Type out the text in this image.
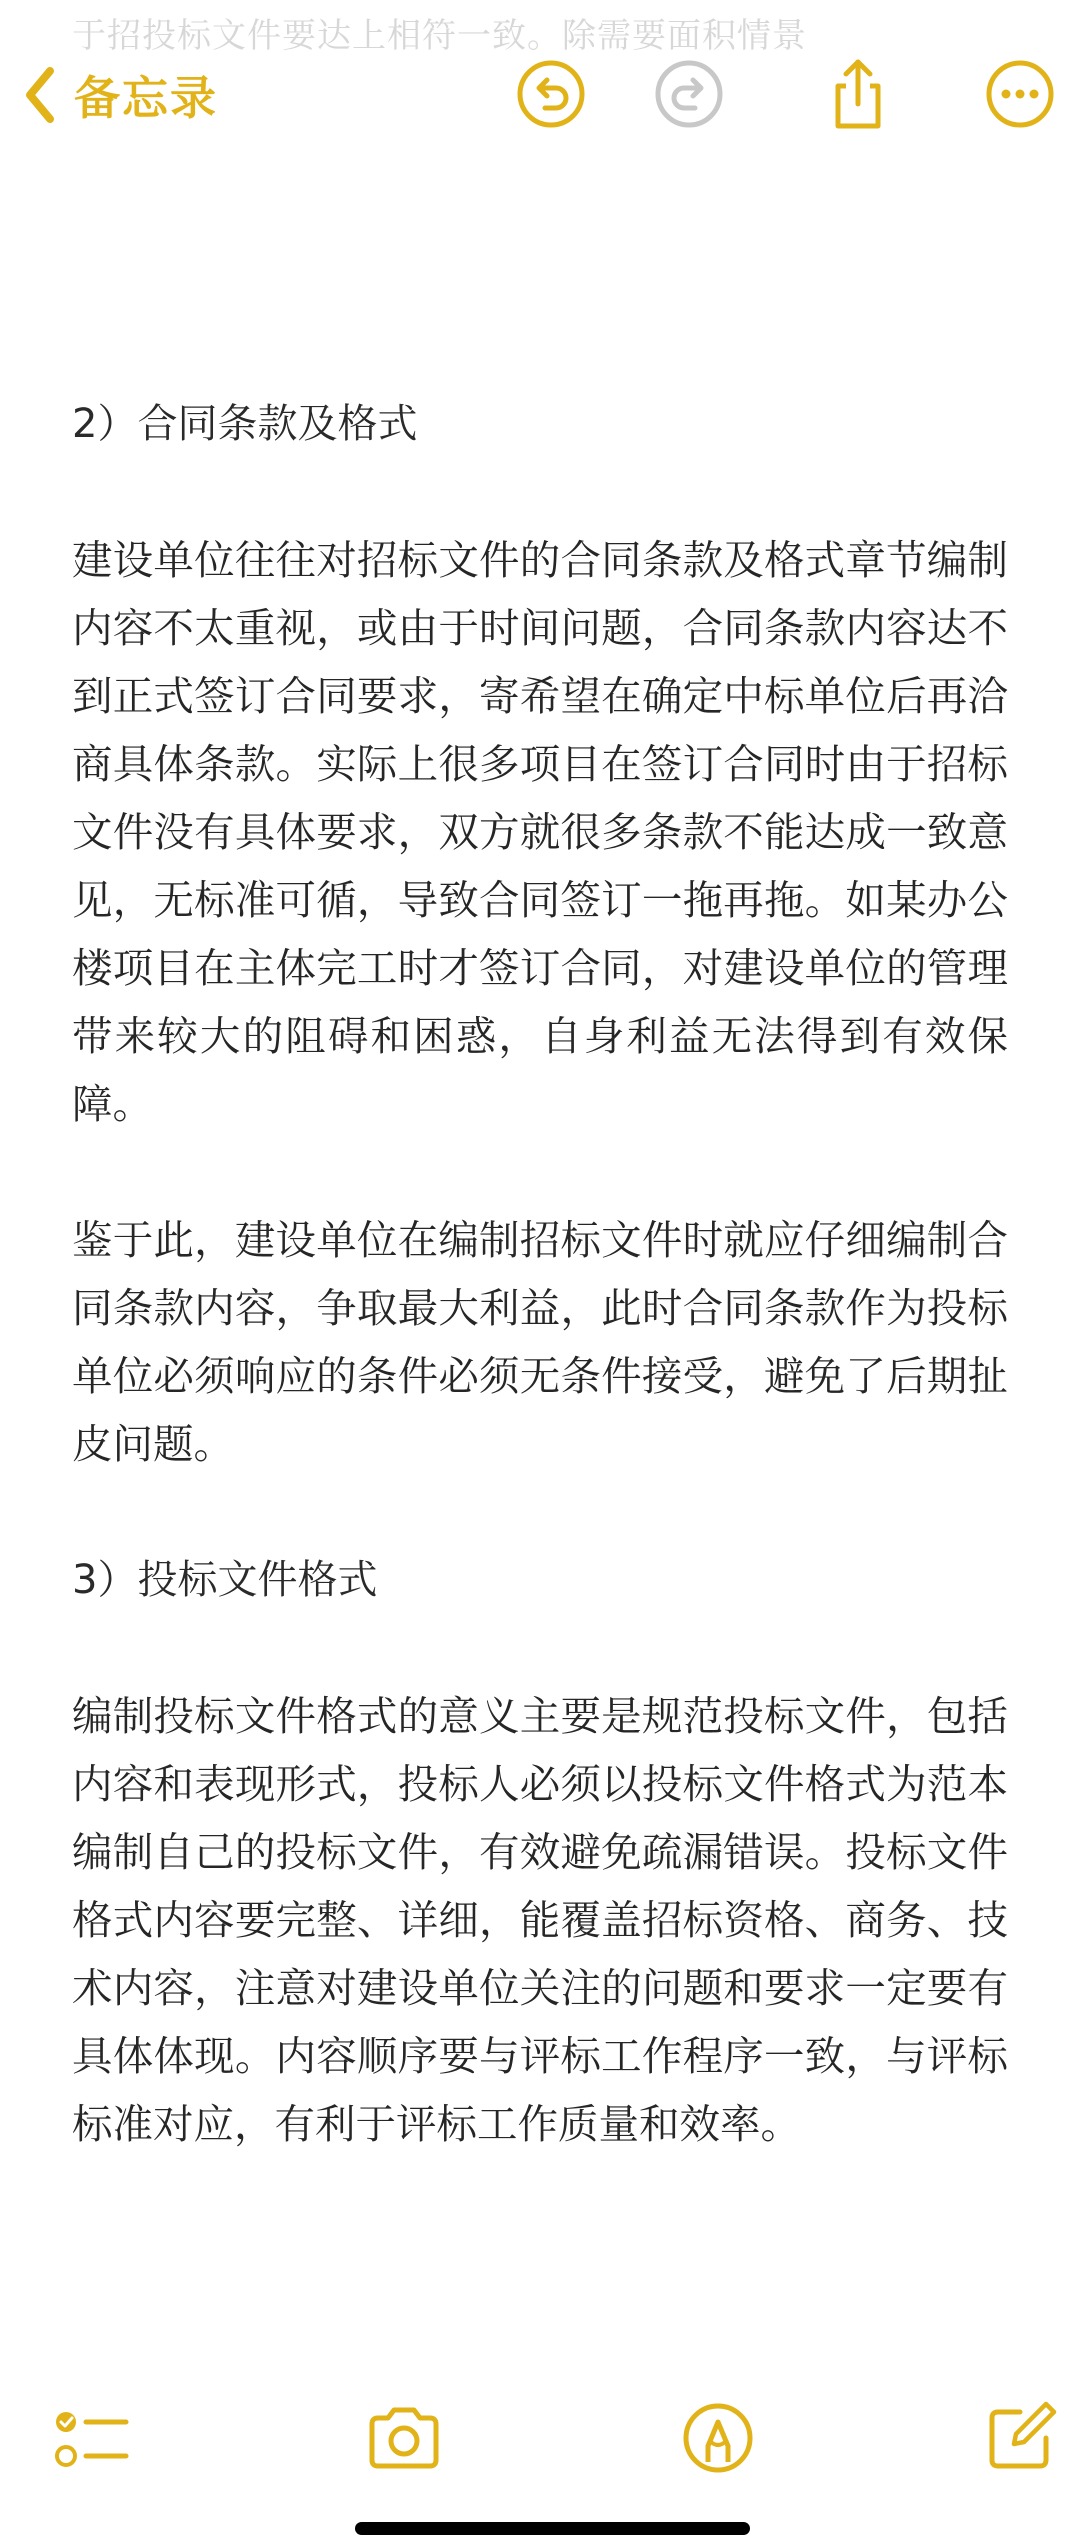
于招投标文件要达上相符一致。除需要面积情景
备忘录

2）合同条款及格式

建设单位往往对招标文件的合同条款及格式章节编制内容不太重视，或由于时间问题，合同条款内容达不到正式签订合同要求，寄希望在确定中标单位后再洽商具体条款。实际上很多项目在签订合同时由于招标文件没有具体要求，双方就很多条款不能达成一致意见，无标准可循，导致合同签订一拖再拖。如某办公楼项目在主体完工时才签订合同，对建设单位的管理带来较大的阻碍和困惑，自身利益无法得到有效保障。

鉴于此，建设单位在编制招标文件时就应仔细编制合同条款内容，争取最大利益，此时合同条款作为投标单位必须响应的条件必须无条件接受，避免了后期扯皮问题。

3）投标文件格式

编制投标文件格式的意义主要是规范投标文件，包括内容和表现形式，投标人必须以投标文件格式为范本编制自己的投标文件，有效避免疏漏错误。投标文件格式内容要完整、详细，能覆盖招标资格、商务、技术内容，注意对建设单位关注的问题和要求一定要有具体体现。内容顺序要与评标工作程序一致，与评标标准对应，有利于评标工作质量和效率。
